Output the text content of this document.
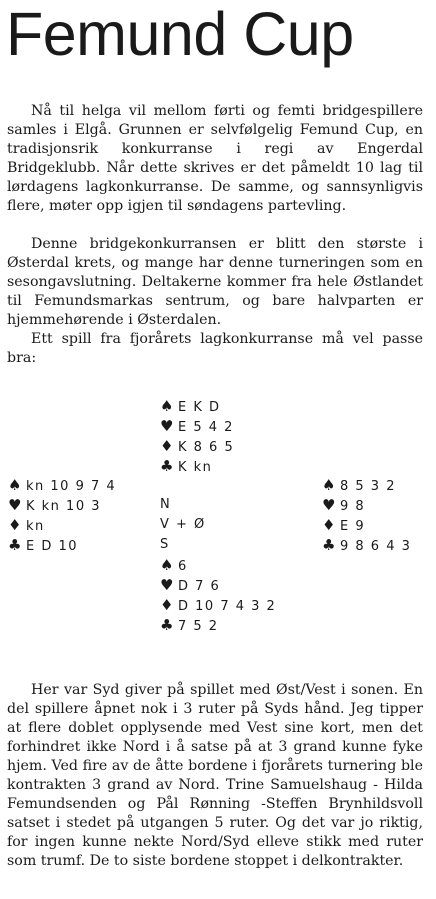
Femund Cup

Nå til helga vil mellom førti og femti bridgespillere samles i Elgå. Grunnen er selvfølgelig Femund Cup, en tradisjonsrik konkurranse i regi av Engerdal Bridgeklubb. Når dette skrives er det påmeldt 10 lag til lørdagens lagkonkurranse. De samme, og sannsynligvis flere, møter opp igjen til søndagens partevling.

Denne bridgekonkurransen er blitt den største i Østerdal krets, og mange har denne turneringen som en sesongavslutning. Deltakerne kommer fra hele Østlandet til Femundsmarkas sentrum, og bare halvparten er hjemmehørende i Østerdalen.

Ett spill fra fjorårets lagkonkurranse må vel passe bra:

♠ E K D
♥ E 5 4 2
♦ K 8 6 5
♣ K kn
♠ kn 10 9 7 4
♥ K kn 10 3
♦ kn
♣ E D 10
N
V + Ø
S
♠ 8 5 3 2
♥ 9 8
♦ E 9
♣ 9 8 6 4 3
♠ 6
♥ D 7 6
♦ D 10 7 4 3 2
♣ 7 5 2

Her var Syd giver på spillet med Øst/Vest i sonen. En del spillere åpnet nok i 3 ruter på Syds hånd. Jeg tipper at flere doblet opplysende med Vest sine kort, men det forhindret ikke Nord i å satse på at 3 grand kunne fyke hjem. Ved fire av de åtte bordene i fjorårets turnering ble kontrakten 3 grand av Nord. Trine Samuelshaug - Hilda Femundsenden og Pål Rønning -Steffen Brynhildsvoll satset i stedet på utgangen 5 ruter. Og det var jo riktig, for ingen kunne nekte Nord/Syd elleve stikk med ruter som trumf. De to siste bordene stoppet i delkontrakter.
